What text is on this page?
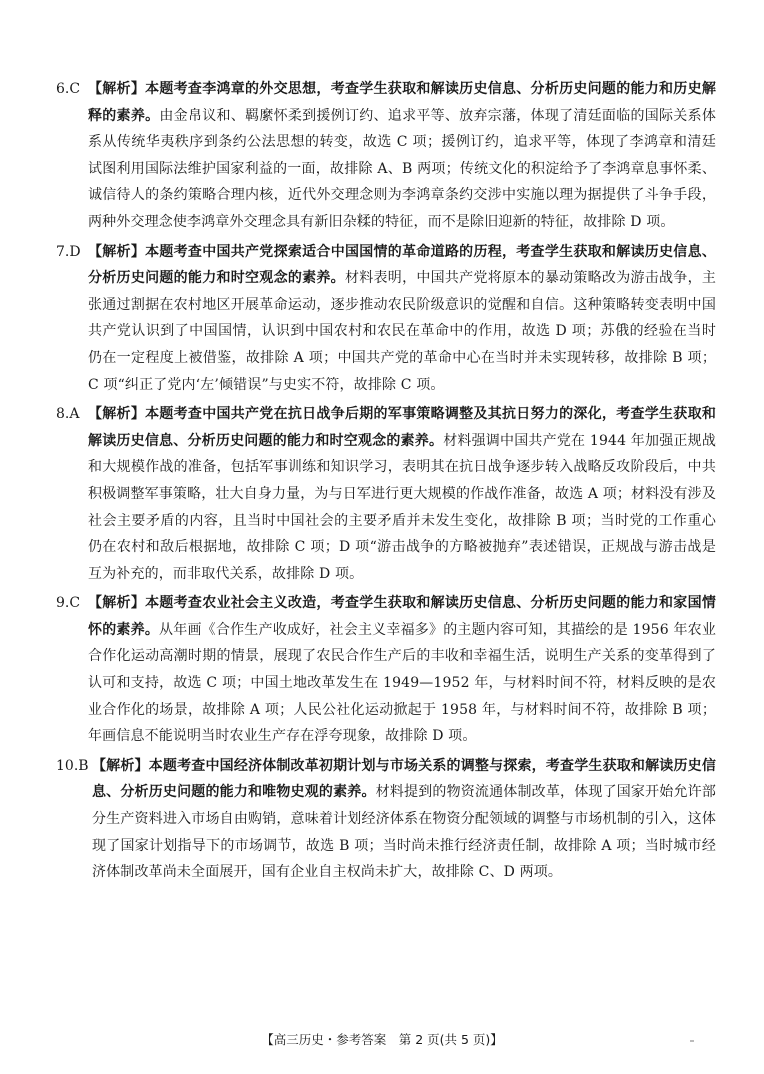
6.C 【解析】本题考查李鸿章的外交思想，考查学生获取和解读历史信息、分析历史问题的能力和历史解释的素养。由金帛议和、羁縻怀柔到援例订约、追求平等、放弃宗藩，体现了清廷面临的国际关系体系从传统华夷秩序到条约公法思想的转变，故选 C 项；援例订约，追求平等，体现了李鸿章和清廷试图利用国际法维护国家利益的一面，故排除 A、B 两项；传统文化的积淀给予了李鸿章息事怀柔、诚信待人的条约策略合理内核，近代外交理念则为李鸿章条约交涉中实施以理为据提供了斗争手段，两种外交理念使李鸿章外交理念具有新旧杂糅的特征，而不是除旧迎新的特征，故排除 D 项。
7.D 【解析】本题考查中国共产党探索适合中国国情的革命道路的历程，考查学生获取和解读历史信息、分析历史问题的能力和时空观念的素养。材料表明，中国共产党将原本的暴动策略改为游击战争，主张通过割据在农村地区开展革命运动，逐步推动农民阶级意识的觉醒和自信。这种策略转变表明中国共产党认识到了中国国情，认识到中国农村和农民在革命中的作用，故选 D 项；苏俄的经验在当时仍在一定程度上被借鉴，故排除 A 项；中国共产党的革命中心在当时并未实现转移，故排除 B 项；C 项“纠正了党内‘左’倾错误”与史实不符，故排除 C 项。
8.A 【解析】本题考查中国共产党在抗日战争后期的军事策略调整及其抗日努力的深化，考查学生获取和解读历史信息、分析历史问题的能力和时空观念的素养。材料强调中国共产党在 1944 年加强正规战和大规模作战的准备，包括军事训练和知识学习，表明其在抗日战争逐步转入战略反攻阶段后，中共积极调整军事策略，壮大自身力量，为与日军进行更大规模的作战作准备，故选 A 项；材料没有涉及社会主要矛盾的内容，且当时中国社会的主要矛盾并未发生变化，故排除 B 项；当时党的工作重心仍在农村和敌后根据地，故排除 C 项；D 项“游击战争的方略被抛弃”表述错误，正规战与游击战是互为补充的，而非取代关系，故排除 D 项。
9.C 【解析】本题考查农业社会主义改造，考查学生获取和解读历史信息、分析历史问题的能力和家国情怀的素养。从年画《合作生产收成好，社会主义幸福多》的主题内容可知，其描绘的是 1956 年农业合作化运动高潮时期的情景，展现了农民合作生产后的丰收和幸福生活，说明生产关系的变革得到了认可和支持，故选 C 项；中国土地改革发生在 1949—1952 年，与材料时间不符，材料反映的是农业合作化的场景，故排除 A 项；人民公社化运动掀起于 1958 年，与材料时间不符，故排除 B 项；年画信息不能说明当时农业生产存在浮夸现象，故排除 D 项。
10.B 【解析】本题考查中国经济体制改革初期计划与市场关系的调整与探索，考查学生获取和解读历史信息、分析历史问题的能力和唯物史观的素养。材料提到的物资流通体制改革，体现了国家开始允许部分生产资料进入市场自由购销，意味着计划经济体系在物资分配领域的调整与市场机制的引入，这体现了国家计划指导下的市场调节，故选 B 项；当时尚未推行经济责任制，故排除 A 项；当时城市经济体制改革尚未全面展开，国有企业自主权尚未扩大，故排除 C、D 两项。
【高三历史・参考答案　第 2 页(共 5 页)】
